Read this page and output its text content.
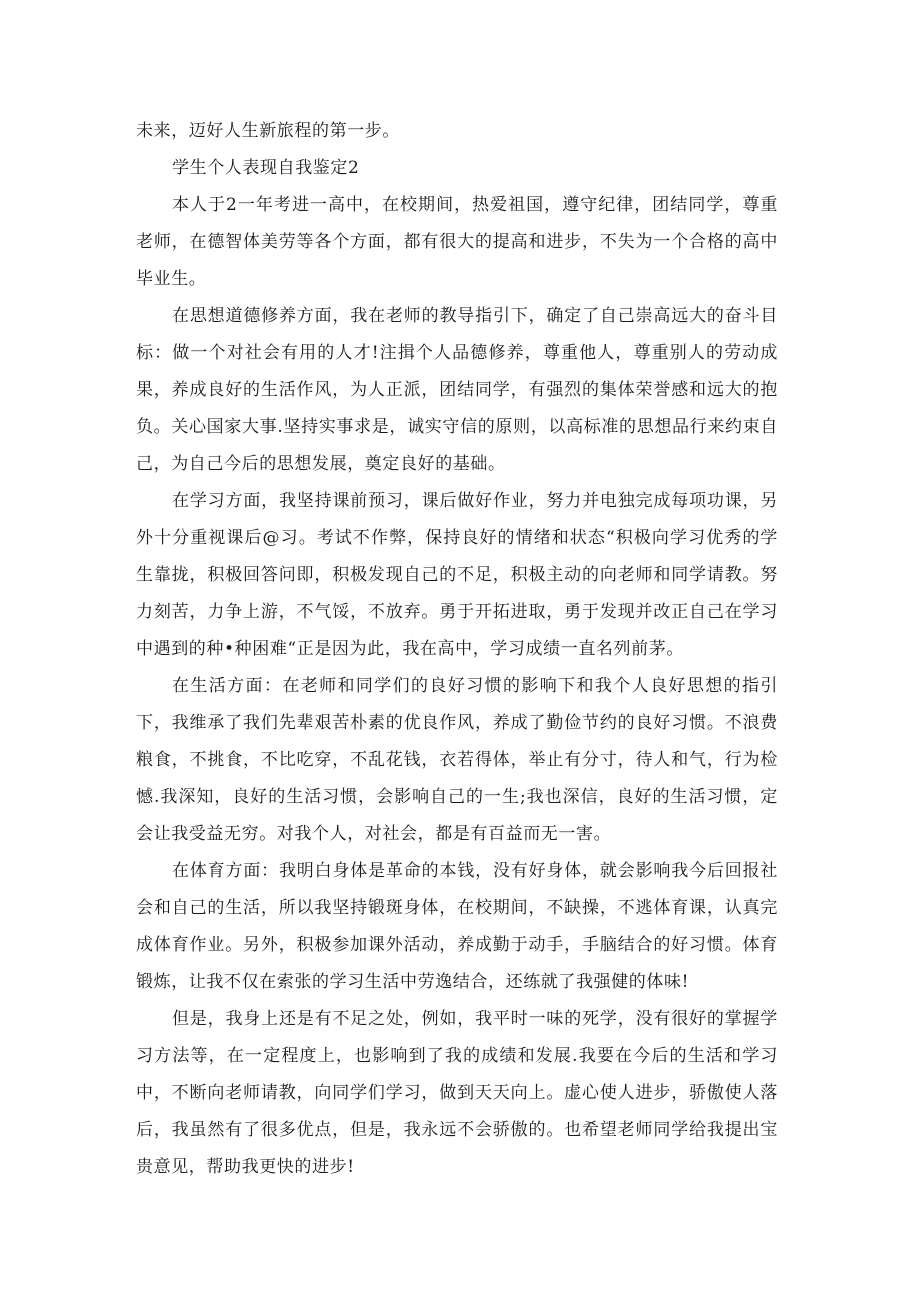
未来，迈好人生新旅程的第一步。

学生个人表现自我鉴定2

本人于2一年考进一高中，在校期间，热爱祖国，遵守纪律，团结同学，尊重老师，在德智体美劳等各个方面，都有很大的提高和进步，不失为一个合格的高中毕业生。

在思想道德修养方面，我在老师的教导指引下，确定了自己崇高远大的奋斗目标：做一个对社会有用的人才!注揖个人品德修养，尊重他人，尊重别人的劳动成果，养成良好的生活作风，为人正派，团结同学，有强烈的集体荣誉感和远大的抱负。关心国家大事.坚持实事求是，诚实守信的原则，以高标准的思想品行来约束自己，为自己今后的思想发展，奠定良好的基础。

在学习方面，我坚持课前预习，课后做好作业，努力并电独完成每项功课，另外十分重视课后@习。考试不作弊，保持良好的情绪和状态“积极向学习优秀的学生靠拢，积极回答问即，积极发现自己的不足，积极主动的向老师和同学请教。努力刻苦，力争上游，不气馁，不放弃。勇于开拓进取，勇于发现并改正自己在学习中遇到的种•种困难“正是因为此，我在高中，学习成绩一直名列前茅。

在生活方面：在老师和同学们的良好习惯的影响下和我个人良好思想的指引下，我维承了我们先辈艰苦朴素的优良作风，养成了勤俭节约的良好习惯。不浪费粮食，不挑食，不比吃穿，不乱花钱，衣若得体，举止有分寸，待人和气，行为检憾.我深知，良好的生活习惯，会影响自己的一生;我也深信，良好的生活习惯，定会让我受益无穷。对我个人，对社会，都是有百益而无一害。

在体育方面：我明白身体是革命的本钱，没有好身体，就会影响我今后回报社会和自己的生活，所以我坚持锻斑身体，在校期间，不缺操，不逃体育课，认真完成体育作业。另外，积极参加课外活动，养成勤于动手，手脑结合的好习惯。体育锻炼，让我不仅在索张的学习生活中劳逸结合，还练就了我强健的体味!

但是，我身上还是有不足之处，例如，我平时一味的死学，没有很好的掌握学习方法等，在一定程度上，也影响到了我的成绩和发展.我要在今后的生活和学习中，不断向老师请教，向同学们学习，做到天天向上。虚心使人进步，骄傲使人落后，我虽然有了很多优点，但是，我永远不会骄傲的。也希望老师同学给我提出宝贵意见，帮助我更快的进步!
